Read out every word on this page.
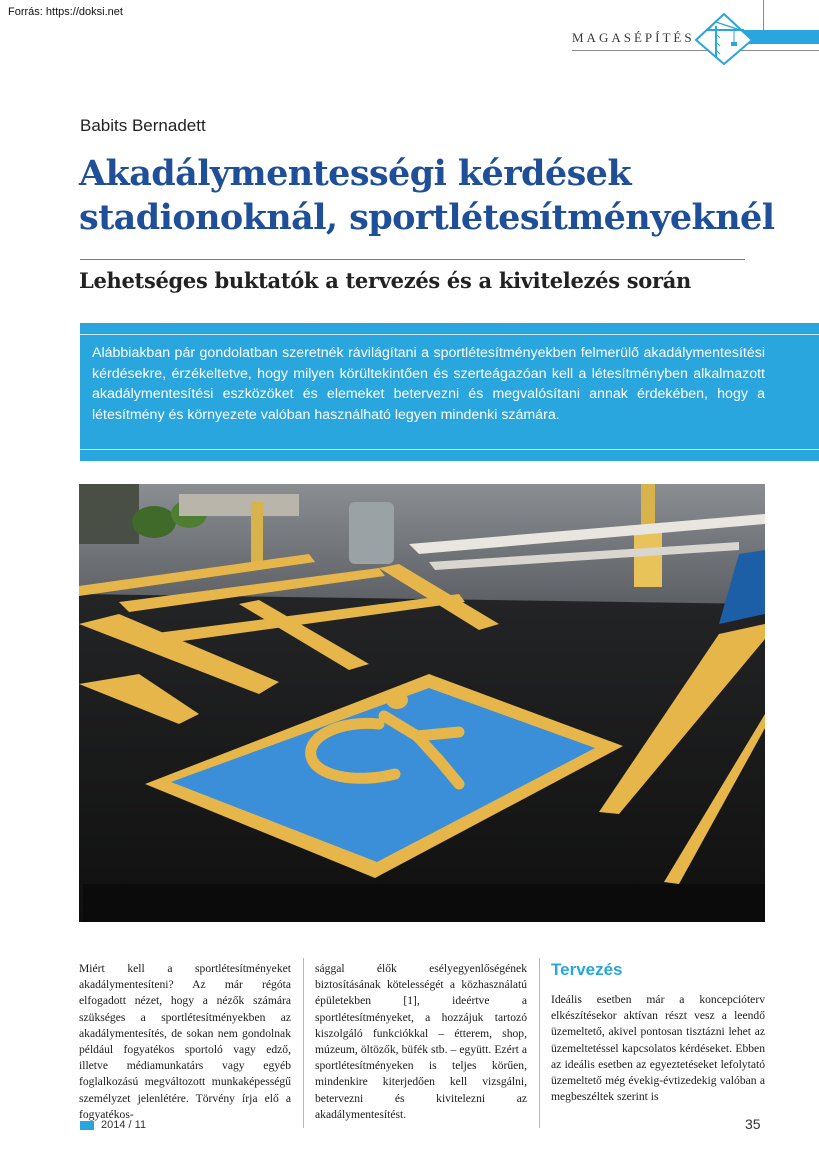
Forrás: https://doksi.net
MAGASÉPÍTÉS
Babits Bernadett
Akadálymentességi kérdések stadionoknál, sportlétesítményeknél
Lehetséges buktatók a tervezés és a kivitelezés során

Alábbiakban pár gondolatban szeretnék rávilágítani a sportlétesítményekben felmerülő akadálymentesítési kérdésekre, érzékeltetve, hogy milyen körültekintően és szerteágazóan kell a létesítményben alkalmazott akadálymentesítési eszközöket és elemeket betervezni és megvalósítani annak érdekében, hogy a létesítmény és környezete valóban használható legyen mindenki számára.

Miért kell a sportlétesítményeket akadálymentesíteni? Az már régóta elfogadott nézet, hogy a nézők számára szükséges a sportlétesítményekben az akadálymentesítés, de sokan nem gondolnak például fogyatékos sportoló vagy edző, illetve médiamunkatárs vagy egyéb foglalkozású megváltozott munkaképességű személyzet jelenlétére. Törvény írja elő a fogyatékos-

sággal élők esélyegyenlőségének biztosításának kötelességét a közhasználatú épületekben [1], ideértve a sportlétesítményeket, a hozzájuk tartozó kiszolgáló funkciókkal – étterem, shop, múzeum, öltözők, büfék stb. – együtt. Ezért a sportlétesítményeken is teljes körűen, mindenkire kiterjedően kell vizsgálni, betervezni és kivitelezni az akadálymentesítést.

Tervezés

Ideális esetben már a koncepcióterv elkészítésekor aktívan részt vesz a leendő üzemeltető, akivel pontosan tisztázni lehet az üzemeltetéssel kapcsolatos kérdéseket. Ebben az ideális esetben az egyeztetéseket lefolytató üzemeltető még évekig-évtizedekig valóban a megbeszéltek szerint is

2014 / 11	35
